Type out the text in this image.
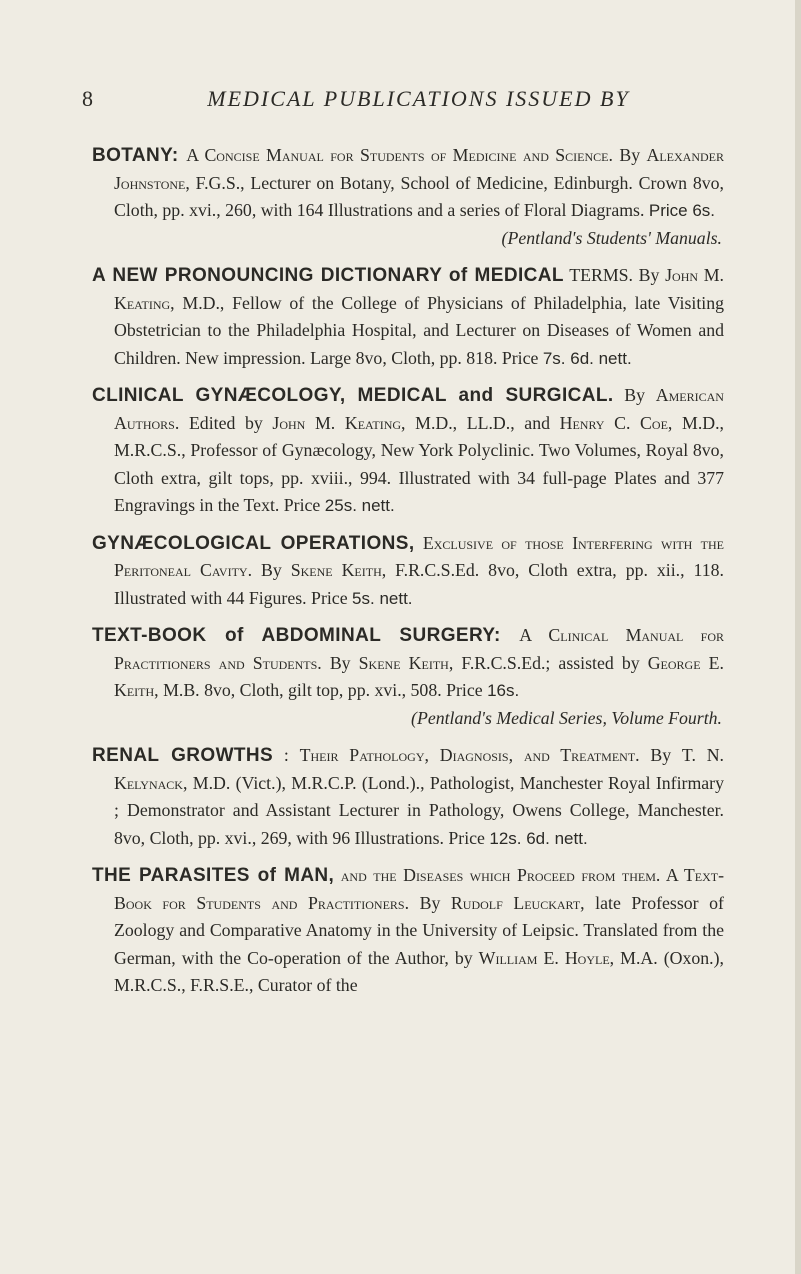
8	MEDICAL PUBLICATIONS ISSUED BY

BOTANY: A Concise Manual for Students of Medicine and Science. By Alexander Johnstone, F.G.S., Lecturer on Botany, School of Medicine, Edinburgh. Crown 8vo, Cloth, pp. xvi., 260, with 164 Illustrations and a series of Floral Diagrams. Price 6s.

(Pentland's Students' Manuals.

A NEW PRONOUNCING DICTIONARY of MEDICAL TERMS. By John M. Keating, M.D., Fellow of the College of Physicians of Philadelphia, late Visiting Obstetrician to the Philadelphia Hospital, and Lecturer on Diseases of Women and Children. New impression. Large 8vo, Cloth, pp. 818. Price 7s. 6d. nett.

CLINICAL GYNÆCOLOGY, MEDICAL and SURGICAL. By American Authors. Edited by John M. Keating, M.D., LL.D., and Henry C. Coe, M.D., M.R.C.S., Professor of Gynæcology, New York Polyclinic. Two Volumes, Royal 8vo, Cloth extra, gilt tops, pp. xviii., 994. Illustrated with 34 full-page Plates and 377 Engravings in the Text. Price 25s. nett.

GYNÆCOLOGICAL OPERATIONS, Exclusive of those Interfering with the Peritoneal Cavity. By Skene Keith, F.R.C.S.Ed. 8vo, Cloth extra, pp. xii., 118. Illustrated with 44 Figures. Price 5s. nett.

TEXT-BOOK of ABDOMINAL SURGERY: A Clinical Manual for Practitioners and Students. By Skene Keith, F.R.C.S.Ed.; assisted by George E. Keith, M.B. 8vo, Cloth, gilt top, pp. xvi., 508. Price 16s.

(Pentland's Medical Series, Volume Fourth.

RENAL GROWTHS : Their Pathology, Diagnosis, and Treatment. By T. N. Kelynack, M.D. (Vict.), M.R.C.P. (Lond.)., Pathologist, Manchester Royal Infirmary ; Demonstrator and Assistant Lecturer in Pathology, Owens College, Manchester. 8vo, Cloth, pp. xvi., 269, with 96 Illustrations. Price 12s. 6d. nett.

THE PARASITES of MAN, and the Diseases which Proceed from them. A Text-Book for Students and Practitioners. By Rudolf Leuckart, late Professor of Zoology and Comparative Anatomy in the University of Leipsic. Translated from the German, with the Co-operation of the Author, by William E. Hoyle, M.A. (Oxon.), M.R.C.S., F.R.S.E., Curator of the
